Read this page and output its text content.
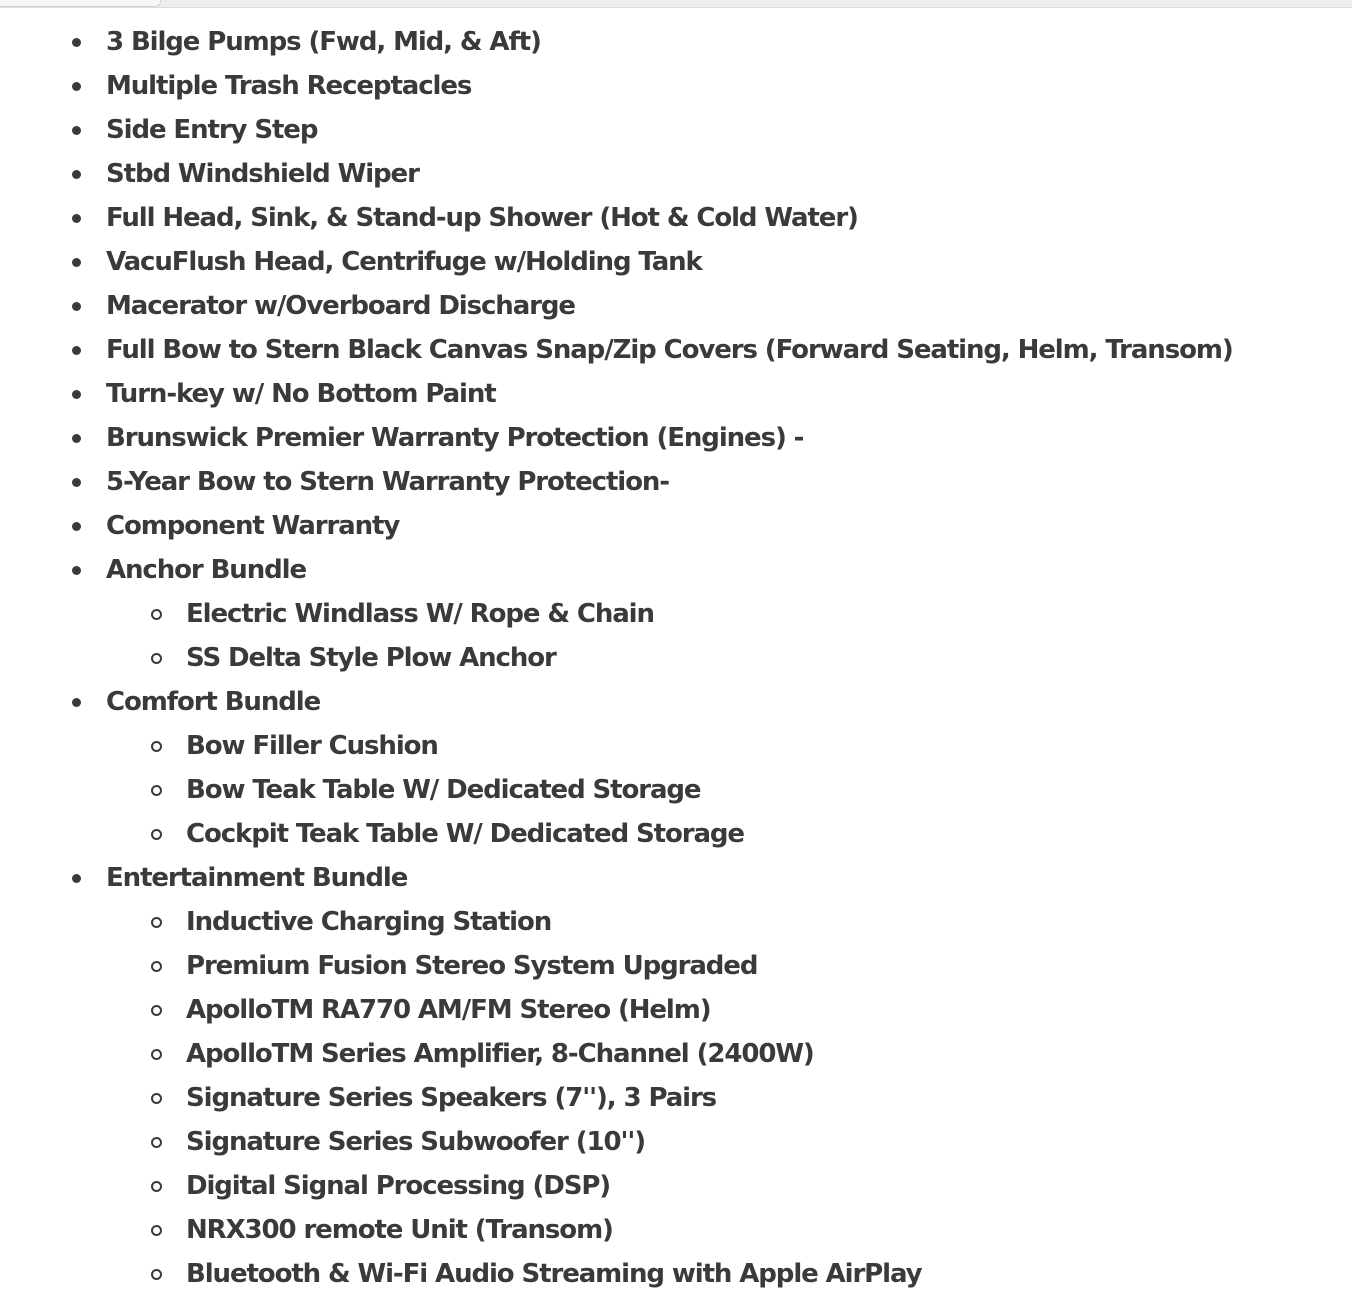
3 Bilge Pumps (Fwd, Mid, & Aft)
Multiple Trash Receptacles
Side Entry Step
Stbd Windshield Wiper
Full Head, Sink, & Stand-up Shower (Hot & Cold Water)
VacuFlush Head, Centrifuge w/Holding Tank
Macerator w/Overboard Discharge
Full Bow to Stern Black Canvas Snap/Zip Covers (Forward Seating, Helm, Transom)
Turn-key w/ No Bottom Paint
Brunswick Premier Warranty Protection (Engines) -
5-Year Bow to Stern Warranty Protection-
Component Warranty
Anchor Bundle
Electric Windlass W/ Rope & Chain
SS Delta Style Plow Anchor
Comfort Bundle
Bow Filler Cushion
Bow Teak Table W/ Dedicated Storage
Cockpit Teak Table W/ Dedicated Storage
Entertainment Bundle
Inductive Charging Station
Premium Fusion Stereo System Upgraded
ApolloTM RA770 AM/FM Stereo (Helm)
ApolloTM Series Amplifier, 8-Channel (2400W)
Signature Series Speakers (7''), 3 Pairs
Signature Series Subwoofer (10'')
Digital Signal Processing (DSP)
NRX300 remote Unit (Transom)
Bluetooth & Wi-Fi Audio Streaming with Apple AirPlay
